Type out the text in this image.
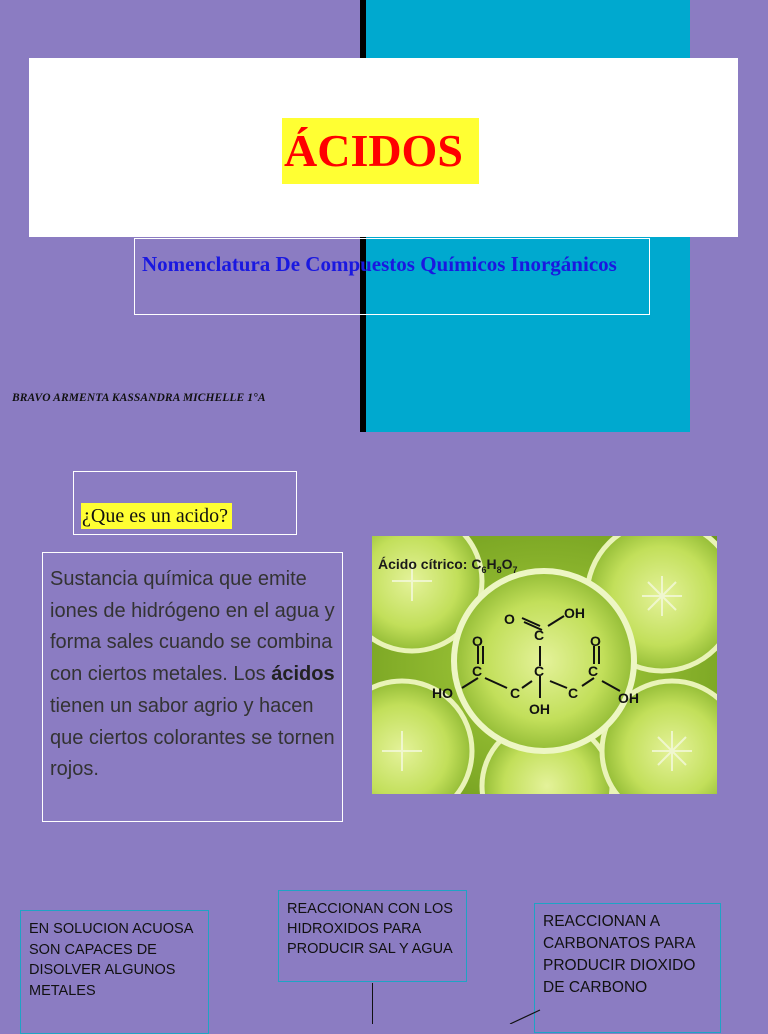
ÁCIDOS
Nomenclatura De Compuestos Químicos Inorgánicos
BRAVO ARMENTA KASSANDRA MICHELLE 1°A
¿Que es un acido?
Sustancia química que emite iones de hidrógeno en el agua y forma sales cuando se combina con ciertos metales. Los ácidos tienen un sabor agrio y hacen que ciertos colorantes se tornen rojos.
Ácido cítrico: $C_6H_8O_7$
O	OH
C
O
C
HO
C
C	C
OH
O
C
OH
EN SOLUCION ACUOSA SON CAPACES DE DISOLVER ALGUNOS METALES
REACCIONAN CON LOS HIDROXIDOS PARA PRODUCIR SAL Y AGUA
REACCIONAN A CARBONATOS PARA PRODUCIR DIOXIDO DE CARBONO
